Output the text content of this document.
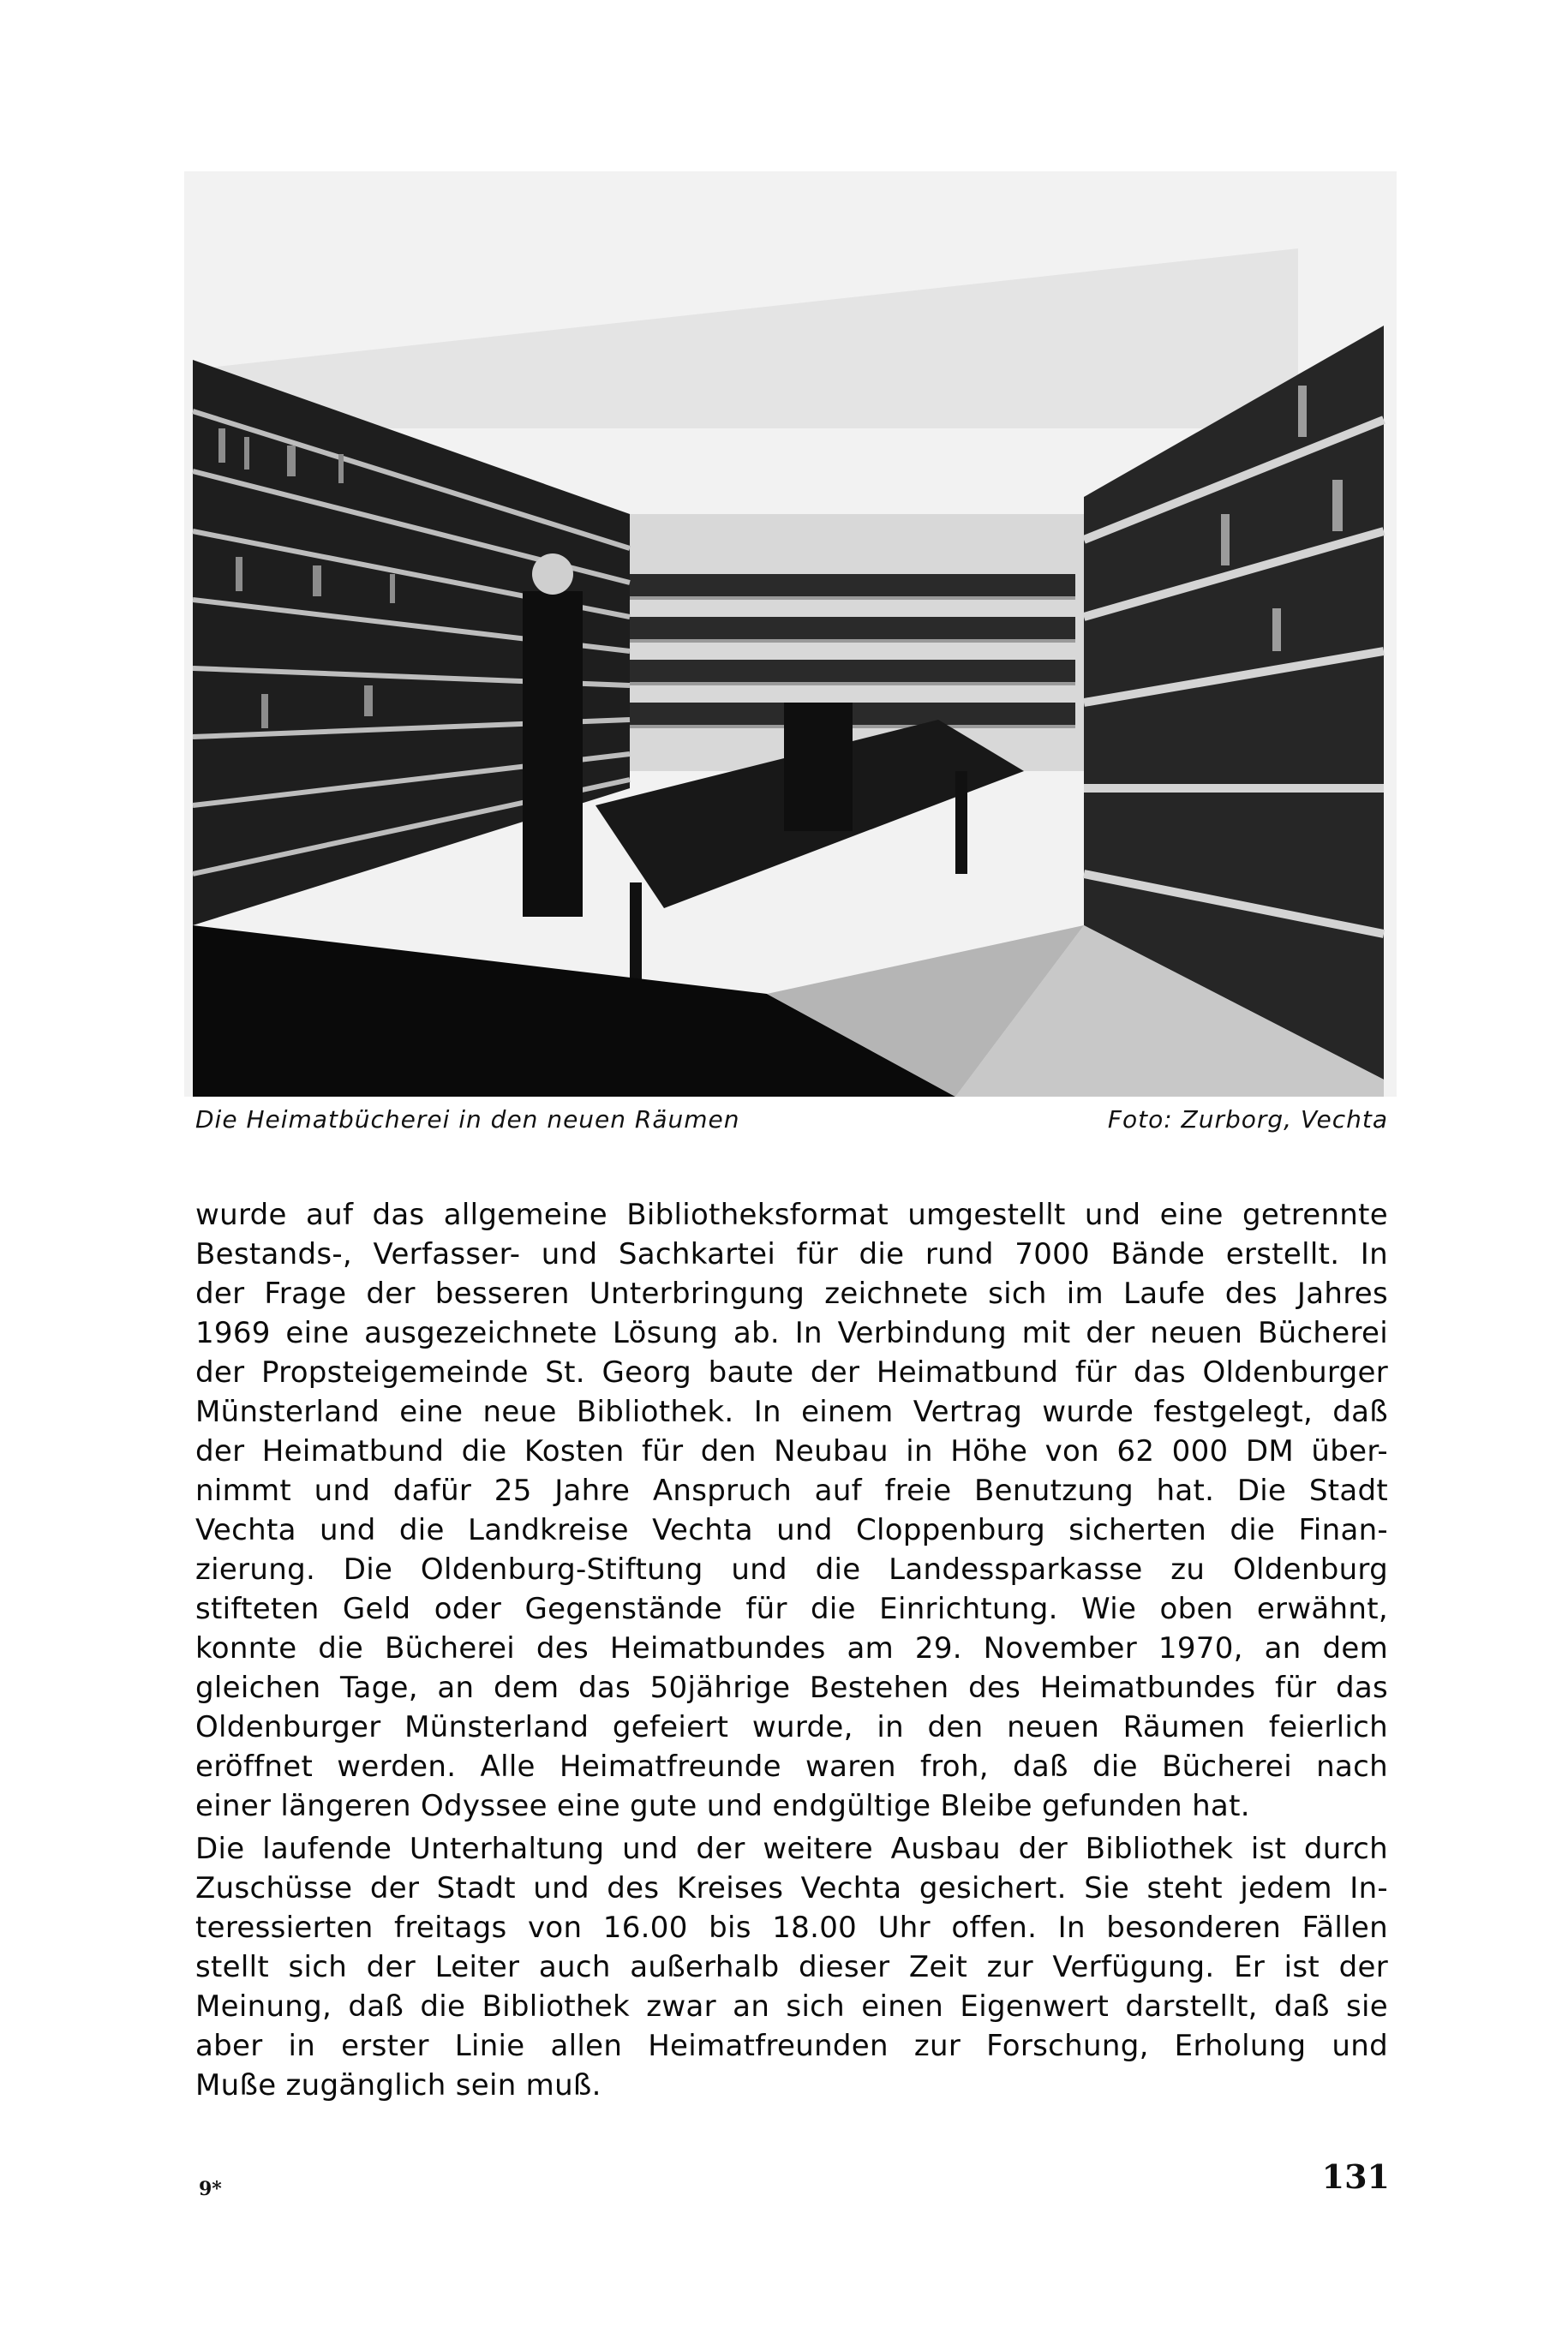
Die Heimatbücherei in den neuen Räumen	Foto: Zurborg, Vechta
wurde auf das allgemeine Bibliotheksformat umgestellt und eine getrennte
Bestands-, Verfasser- und Sachkartei für die rund 7000 Bände erstellt. In
der Frage der besseren Unterbringung zeichnete sich im Laufe des Jahres
1969 eine ausgezeichnete Lösung ab. In Verbindung mit der neuen Bücherei
der Propsteigemeinde St. Georg baute der Heimatbund für das Oldenburger
Münsterland eine neue Bibliothek. In einem Vertrag wurde festgelegt, daß
der Heimatbund die Kosten für den Neubau in Höhe von 62 000 DM über-
nimmt und dafür 25 Jahre Anspruch auf freie Benutzung hat. Die Stadt
Vechta und die Landkreise Vechta und Cloppenburg sicherten die Finan-
zierung. Die Oldenburg-Stiftung und die Landessparkasse zu Oldenburg
stifteten Geld oder Gegenstände für die Einrichtung. Wie oben erwähnt,
konnte die Bücherei des Heimatbundes am 29. November 1970, an dem
gleichen Tage, an dem das 50jährige Bestehen des Heimatbundes für das
Oldenburger Münsterland gefeiert wurde, in den neuen Räumen feierlich
eröffnet werden. Alle Heimatfreunde waren froh, daß die Bücherei nach
einer längeren Odyssee eine gute und endgültige Bleibe gefunden hat.
Die laufende Unterhaltung und der weitere Ausbau der Bibliothek ist durch
Zuschüsse der Stadt und des Kreises Vechta gesichert. Sie steht jedem In-
teressierten freitags von 16.00 bis 18.00 Uhr offen. In besonderen Fällen
stellt sich der Leiter auch außerhalb dieser Zeit zur Verfügung. Er ist der
Meinung, daß die Bibliothek zwar an sich einen Eigenwert darstellt, daß sie
aber in erster Linie allen Heimatfreunden zur Forschung, Erholung und
Muße zugänglich sein muß.
9*	131
